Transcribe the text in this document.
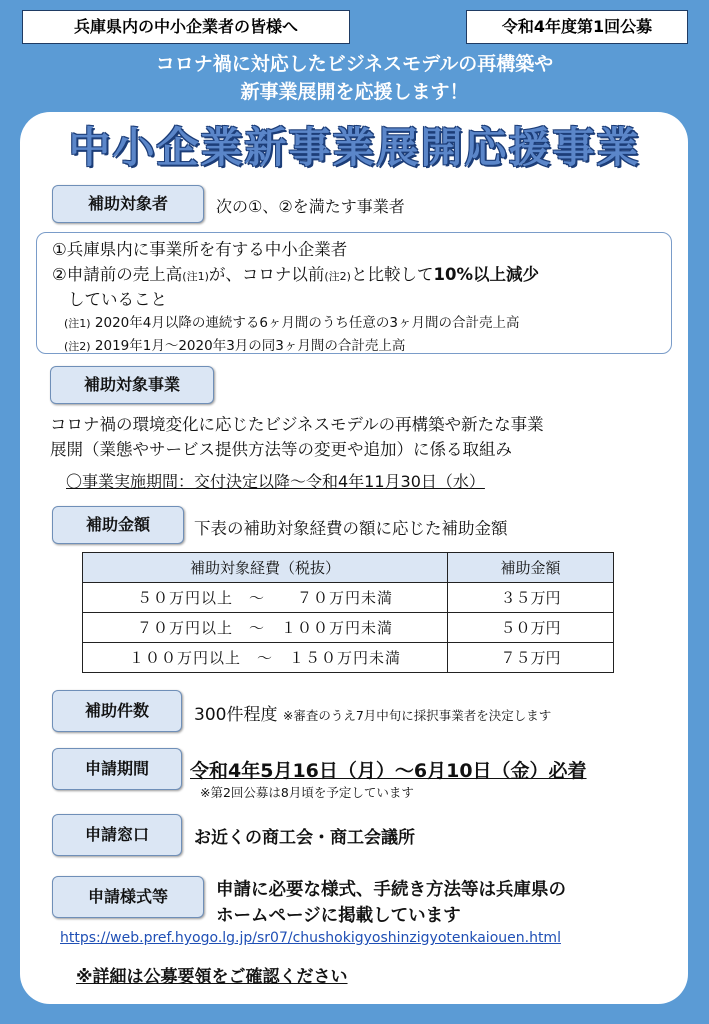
兵庫県内の中小企業者の皆様へ	令和4年度第1回公募
コロナ禍に対応したビジネスモデルの再構築や
新事業展開を応援します！
中小企業新事業展開応援事業
補助対象者	次の①、②を満たす事業者
①兵庫県内に事業所を有する中小企業者
②申請前の売上高(注1)が、コロナ以前(注2)と比較して10%以上減少
していること
(注1) 2020年4月以降の連続する6ヶ月間のうち任意の3ヶ月間の合計売上高
(注2) 2019年1月～2020年3月の同3ヶ月間の合計売上高
補助対象事業
コロナ禍の環境変化に応じたビジネスモデルの再構築や新たな事業
展開（業態やサービス提供方法等の変更や追加）に係る取組み
〇事業実施期間：交付決定以降～令和4年11月30日（水）
補助金額	下表の補助対象経費の額に応じた補助金額
補助対象経費（税抜）	補助金額
５０万円以上　～　　７０万円未満	３５万円
７０万円以上　～　１００万円未満	５０万円
１００万円以上　～　１５０万円未満	７５万円
補助件数	300件程度 ※審査のうえ7月中旬に採択事業者を決定します
申請期間	令和4年5月16日（月）～6月10日（金）必着
※第2回公募は8月頃を予定しています
申請窓口	お近くの商工会・商工会議所
申請様式等	申請に必要な様式、手続き方法等は兵庫県の
ホームページに掲載しています
https://web.pref.hyogo.lg.jp/sr07/chushokigyoshinzigyotenkaiouen.html
※詳細は公募要領をご確認ください
